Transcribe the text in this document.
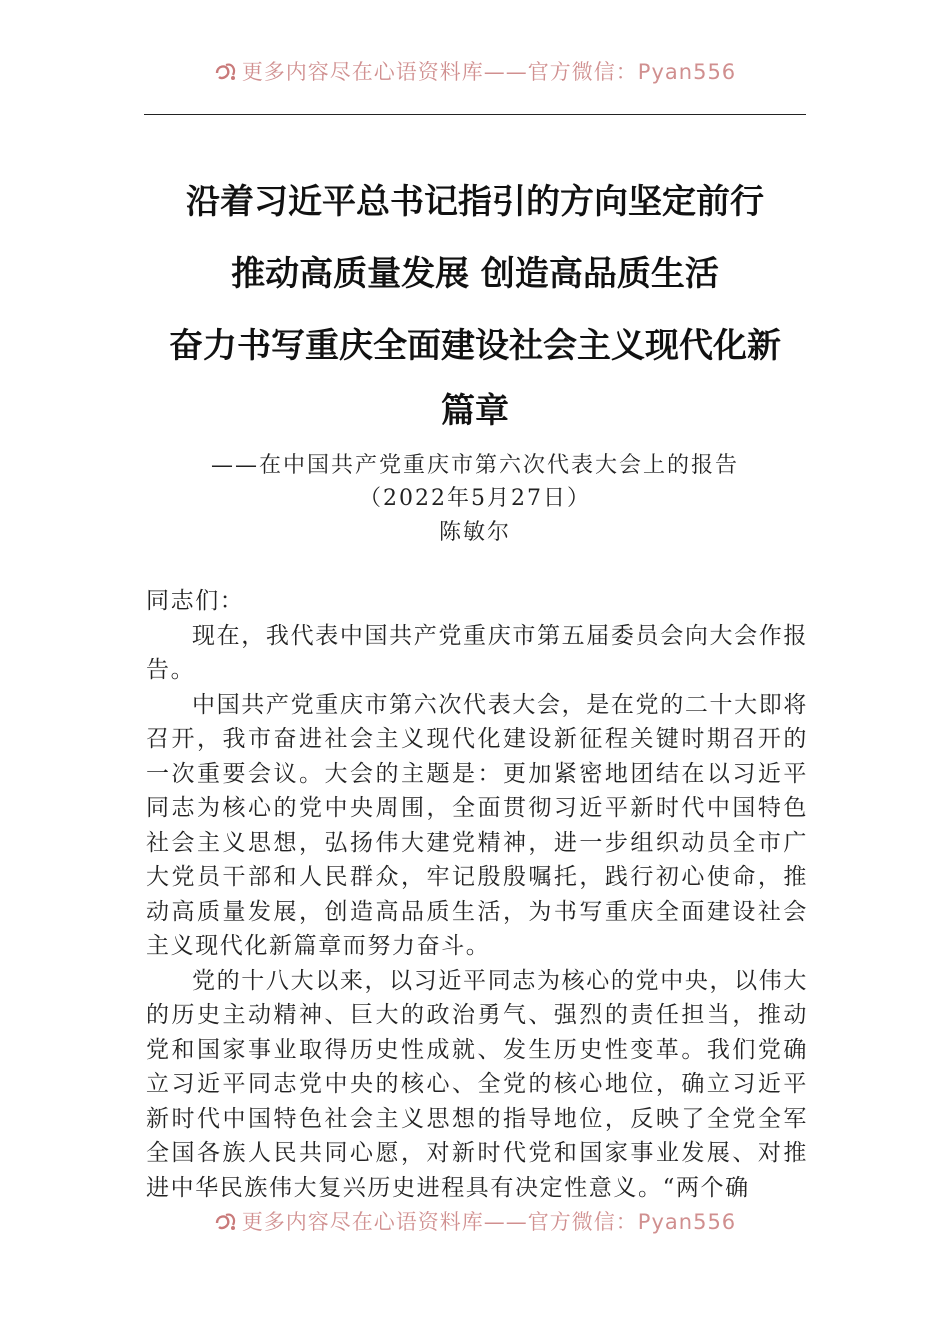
更多内容尽在心语资料库——官方微信：Pyan556
沿着习近平总书记指引的方向坚定前行
推动高质量发展 创造高品质生活
奋力书写重庆全面建设社会主义现代化新
篇章
——在中国共产党重庆市第六次代表大会上的报告
（2022年5月27日）
陈敏尔

同志们：

现在，我代表中国共产党重庆市第五届委员会向大会作报告。

中国共产党重庆市第六次代表大会，是在党的二十大即将召开，我市奋进社会主义现代化建设新征程关键时期召开的一次重要会议。大会的主题是：更加紧密地团结在以习近平同志为核心的党中央周围，全面贯彻习近平新时代中国特色社会主义思想，弘扬伟大建党精神，进一步组织动员全市广大党员干部和人民群众，牢记殷殷嘱托，践行初心使命，推动高质量发展，创造高品质生活，为书写重庆全面建设社会主义现代化新篇章而努力奋斗。

党的十八大以来，以习近平同志为核心的党中央，以伟大的历史主动精神、巨大的政治勇气、强烈的责任担当，推动党和国家事业取得历史性成就、发生历史性变革。我们党确立习近平同志党中央的核心、全党的核心地位，确立习近平新时代中国特色社会主义思想的指导地位，反映了全党全军全国各族人民共同心愿，对新时代党和国家事业发展、对推进中华民族伟大复兴历史进程具有决定性意义。“两个确

更多内容尽在心语资料库——官方微信：Pyan556
